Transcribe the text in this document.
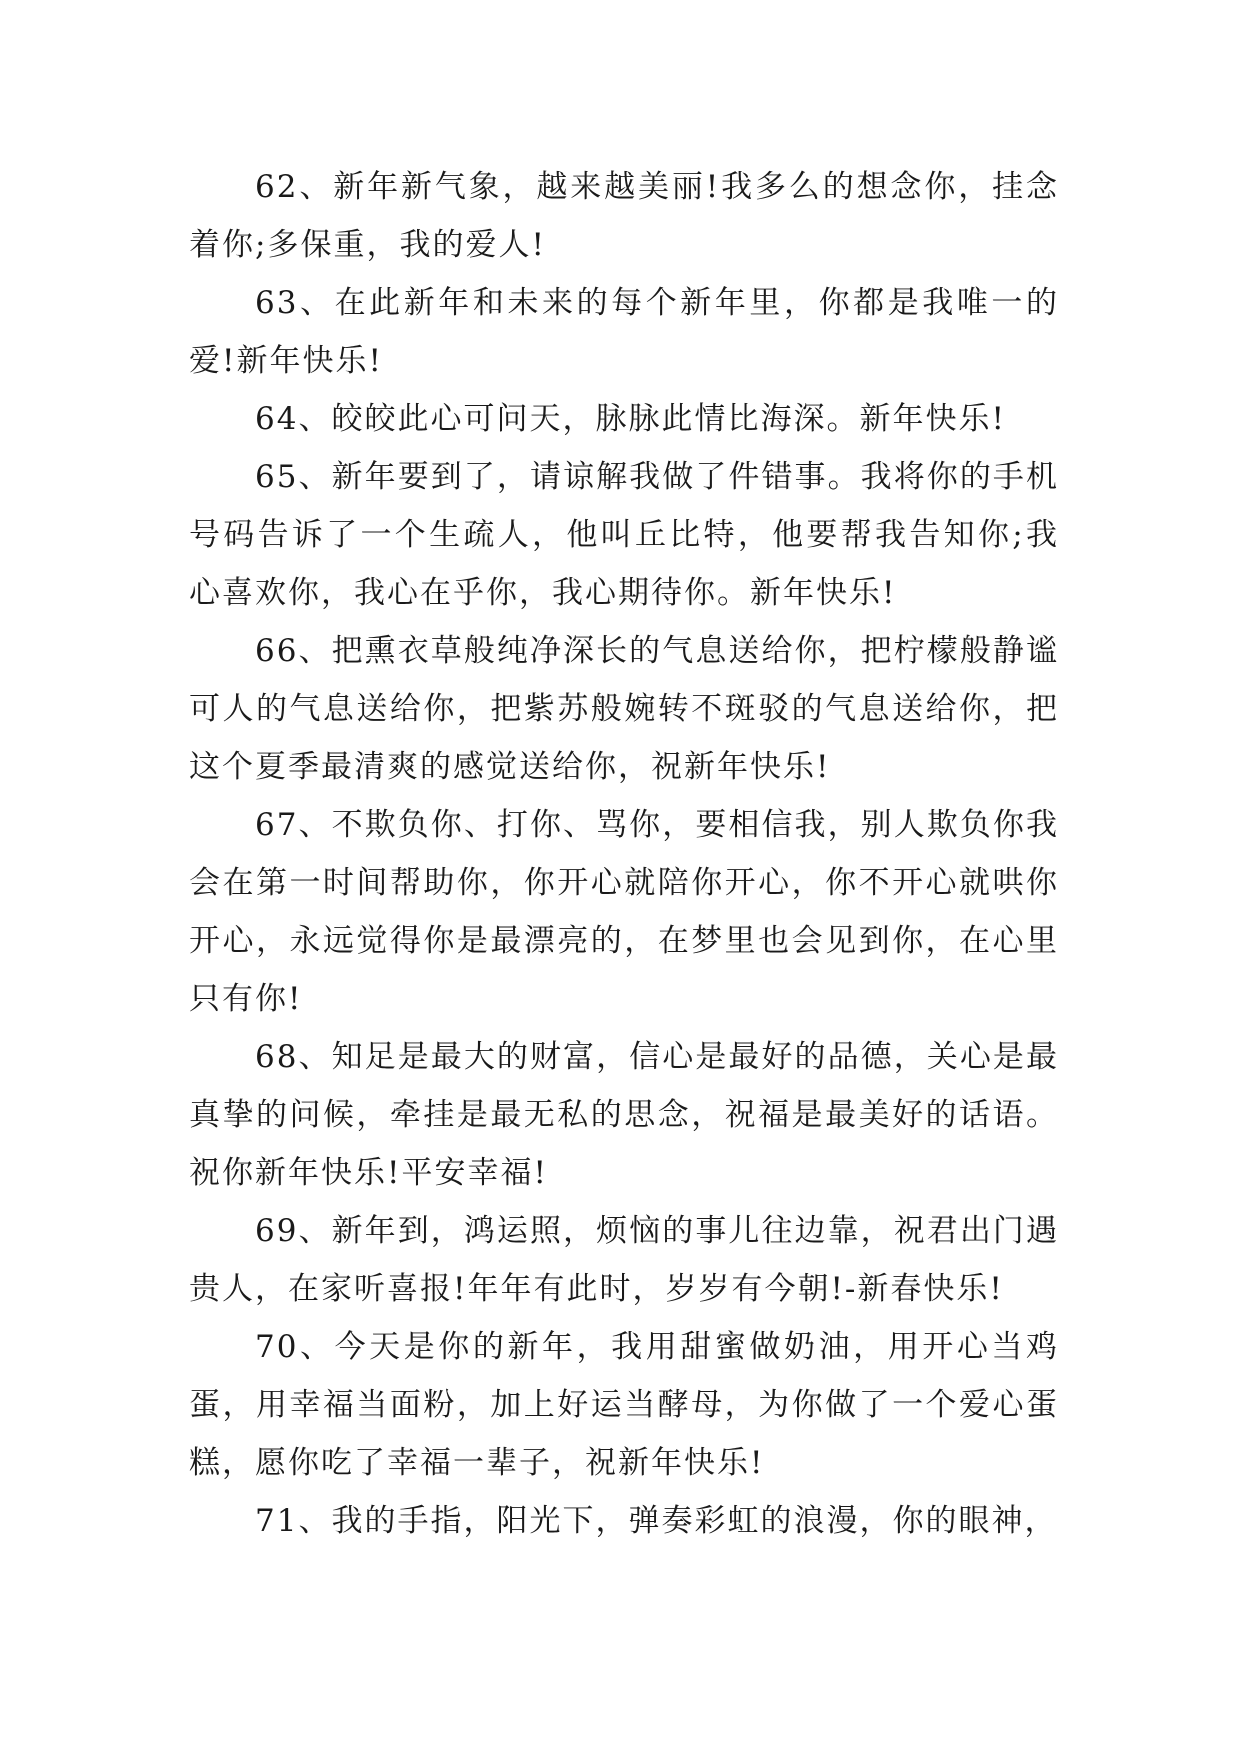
62、新年新气象，越来越美丽!我多么的想念你，挂念着你;多保重，我的爱人!

63、在此新年和未来的每个新年里，你都是我唯一的爱!新年快乐!

64、皎皎此心可问天，脉脉此情比海深。新年快乐!

65、新年要到了，请谅解我做了件错事。我将你的手机号码告诉了一个生疏人，他叫丘比特，他要帮我告知你;我心喜欢你，我心在乎你，我心期待你。新年快乐!

66、把熏衣草般纯净深长的气息送给你，把柠檬般静谧可人的气息送给你，把紫苏般婉转不斑驳的气息送给你，把这个夏季最清爽的感觉送给你，祝新年快乐!

67、不欺负你、打你、骂你，要相信我，别人欺负你我会在第一时间帮助你，你开心就陪你开心，你不开心就哄你开心，永远觉得你是最漂亮的，在梦里也会见到你，在心里只有你!

68、知足是最大的财富，信心是最好的品德，关心是最真挚的问候，牵挂是最无私的思念，祝福是最美好的话语。祝你新年快乐!平安幸福!

69、新年到，鸿运照，烦恼的事儿往边靠，祝君出门遇贵人，在家听喜报!年年有此时，岁岁有今朝!-新春快乐!

70、今天是你的新年，我用甜蜜做奶油，用开心当鸡蛋，用幸福当面粉，加上好运当酵母，为你做了一个爱心蛋糕，愿你吃了幸福一辈子，祝新年快乐!

71、我的手指，阳光下，弹奏彩虹的浪漫，你的眼神，
